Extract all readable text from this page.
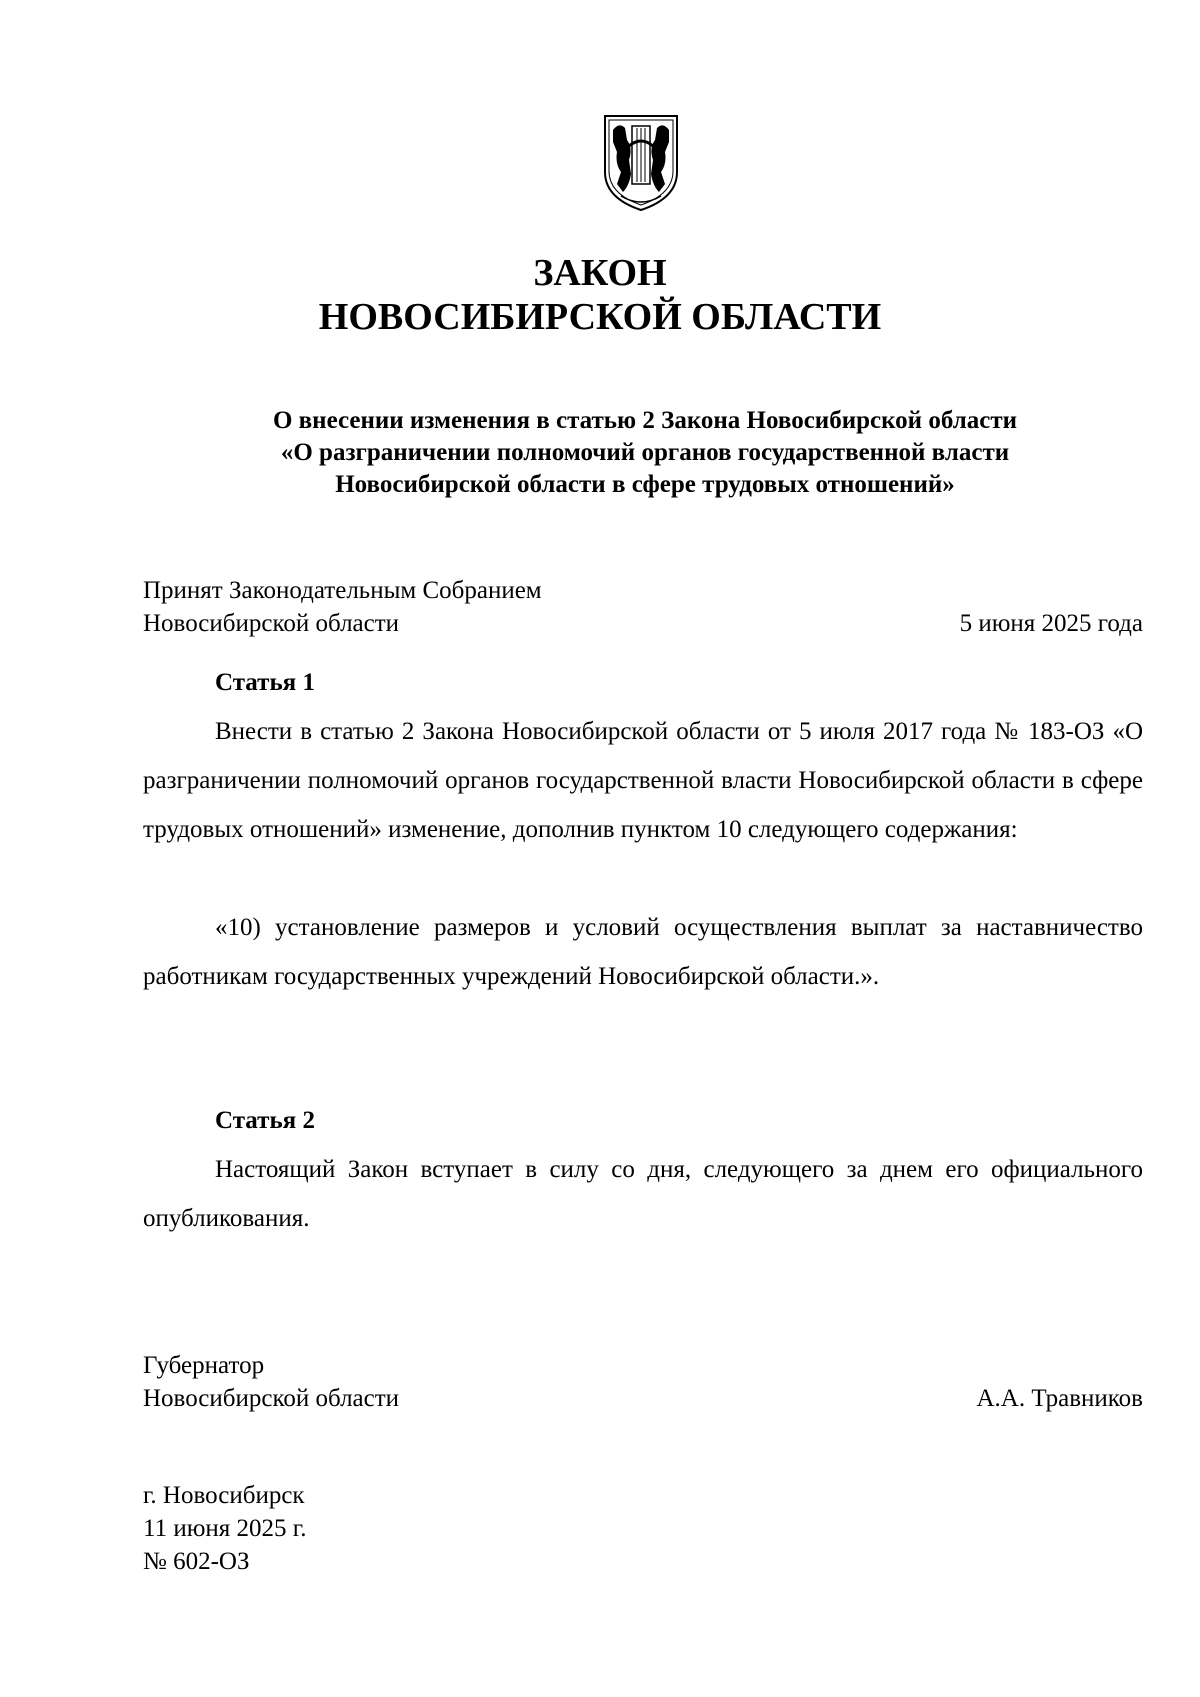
ЗАКОН
НОВОСИБИРСКОЙ ОБЛАСТИ
О внесении изменения в статью 2 Закона Новосибирской области
«О разграничении полномочий органов государственной власти
Новосибирской области в сфере трудовых отношений»
Принят Законодательным Собранием
Новосибирской области	5 июня 2025 года
Статья 1
Внести в статью 2 Закона Новосибирской области от 5 июля 2017 года № 183-ОЗ «О разграничении полномочий органов государственной власти Новосибирской области в сфере трудовых отношений» изменение, дополнив пунктом 10 следующего содержания:
«10) установление размеров и условий осуществления выплат за наставничество работникам государственных учреждений Новосибирской области.».
Статья 2
Настоящий Закон вступает в силу со дня, следующего за днем его официального опубликования.
Губернатор
Новосибирской области	А.А. Травников
г. Новосибирск
11 июня 2025 г.
№ 602-ОЗ
